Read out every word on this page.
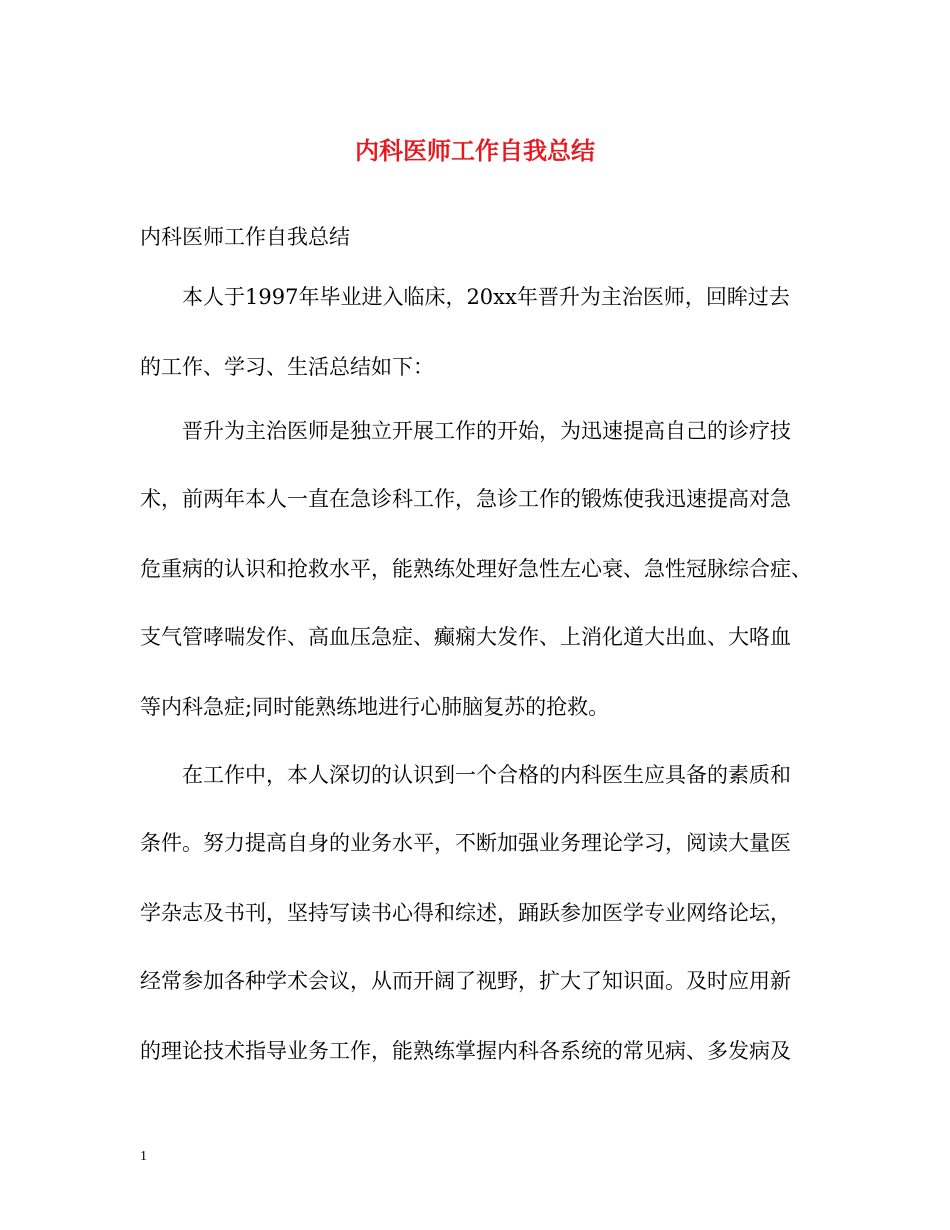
内科医师工作自我总结
内科医师工作自我总结
本人于1997年毕业进入临床，20xx年晋升为主治医师，回眸过去
的工作、学习、生活总结如下：
晋升为主治医师是独立开展工作的开始，为迅速提高自己的诊疗技
术，前两年本人一直在急诊科工作，急诊工作的锻炼使我迅速提高对急
危重病的认识和抢救水平，能熟练处理好急性左心衰、急性冠脉综合症、
支气管哮喘发作、高血压急症、癫痫大发作、上消化道大出血、大咯血
等内科急症;同时能熟练地进行心肺脑复苏的抢救。
在工作中，本人深切的认识到一个合格的内科医生应具备的素质和
条件。努力提高自身的业务水平，不断加强业务理论学习，阅读大量医
学杂志及书刊，坚持写读书心得和综述，踊跃参加医学专业网络论坛，
经常参加各种学术会议，从而开阔了视野，扩大了知识面。及时应用新
的理论技术指导业务工作，能熟练掌握内科各系统的常见病、多发病及
1
